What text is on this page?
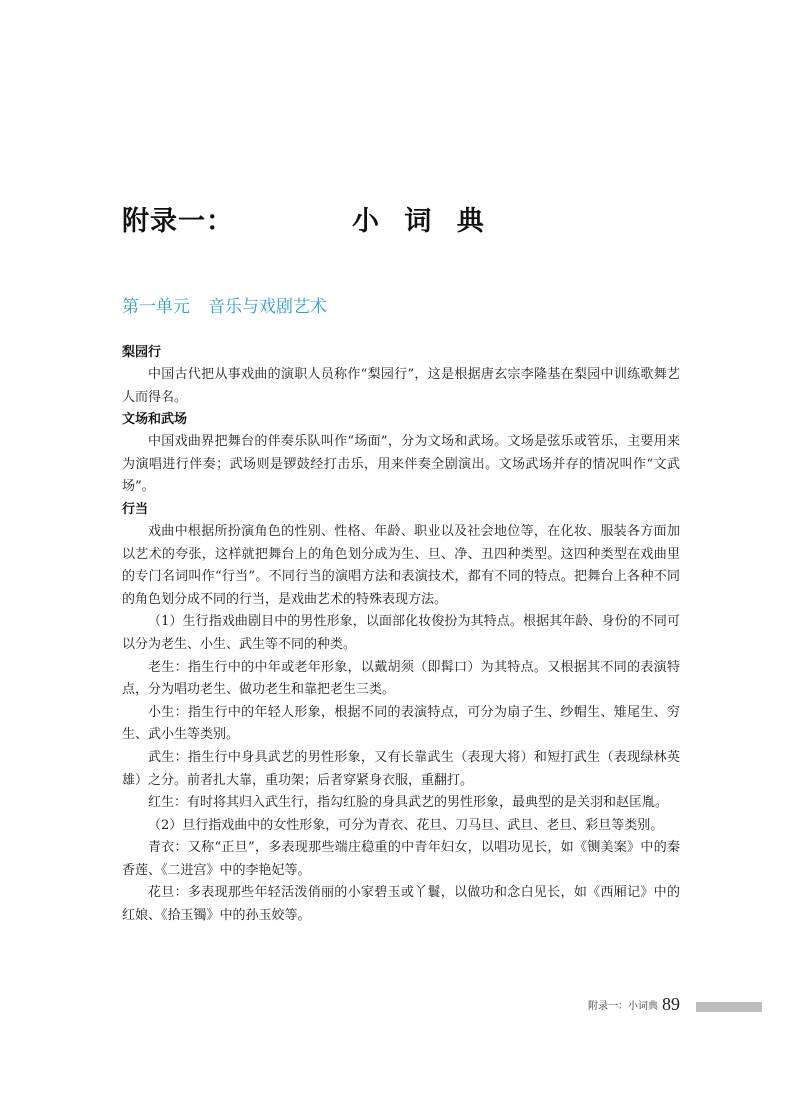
附录一：	小 词 典
第一单元 音乐与戏剧艺术

梨园行

中国古代把从事戏曲的演职人员称作“梨园行”，这是根据唐玄宗李隆基在梨园中训练歌舞艺人而得名。

文场和武场

中国戏曲界把舞台的伴奏乐队叫作“场面”，分为文场和武场。文场是弦乐或管乐，主要用来为演唱进行伴奏；武场则是锣鼓经打击乐，用来伴奏全剧演出。文场武场并存的情况叫作“文武场”。

行当

戏曲中根据所扮演角色的性别、性格、年龄、职业以及社会地位等，在化妆、服装各方面加以艺术的夸张，这样就把舞台上的角色划分成为生、旦、净、丑四种类型。这四种类型在戏曲里的专门名词叫作“行当”。不同行当的演唱方法和表演技术，都有不同的特点。把舞台上各种不同的角色划分成不同的行当，是戏曲艺术的特殊表现方法。

（1）生行指戏曲剧目中的男性形象，以面部化妆俊扮为其特点。根据其年龄、身份的不同可以分为老生、小生、武生等不同的种类。

老生：指生行中的中年或老年形象，以戴胡须（即髯口）为其特点。又根据其不同的表演特点，分为唱功老生、做功老生和靠把老生三类。

小生：指生行中的年轻人形象，根据不同的表演特点，可分为扇子生、纱帽生、雉尾生、穷生、武小生等类别。

武生：指生行中身具武艺的男性形象，又有长靠武生（表现大将）和短打武生（表现绿林英雄）之分。前者扎大靠，重功架；后者穿紧身衣服，重翻打。

红生：有时将其归入武生行，指勾红脸的身具武艺的男性形象，最典型的是关羽和赵匡胤。

（2）旦行指戏曲中的女性形象，可分为青衣、花旦、刀马旦、武旦、老旦、彩旦等类别。

青衣：又称“正旦”，多表现那些端庄稳重的中青年妇女，以唱功见长，如《铡美案》中的秦香莲、《二进宫》中的李艳妃等。

花旦：多表现那些年轻活泼俏丽的小家碧玉或丫鬟，以做功和念白见长，如《西厢记》中的红娘、《拾玉镯》中的孙玉姣等。

附录一：小词典 89
